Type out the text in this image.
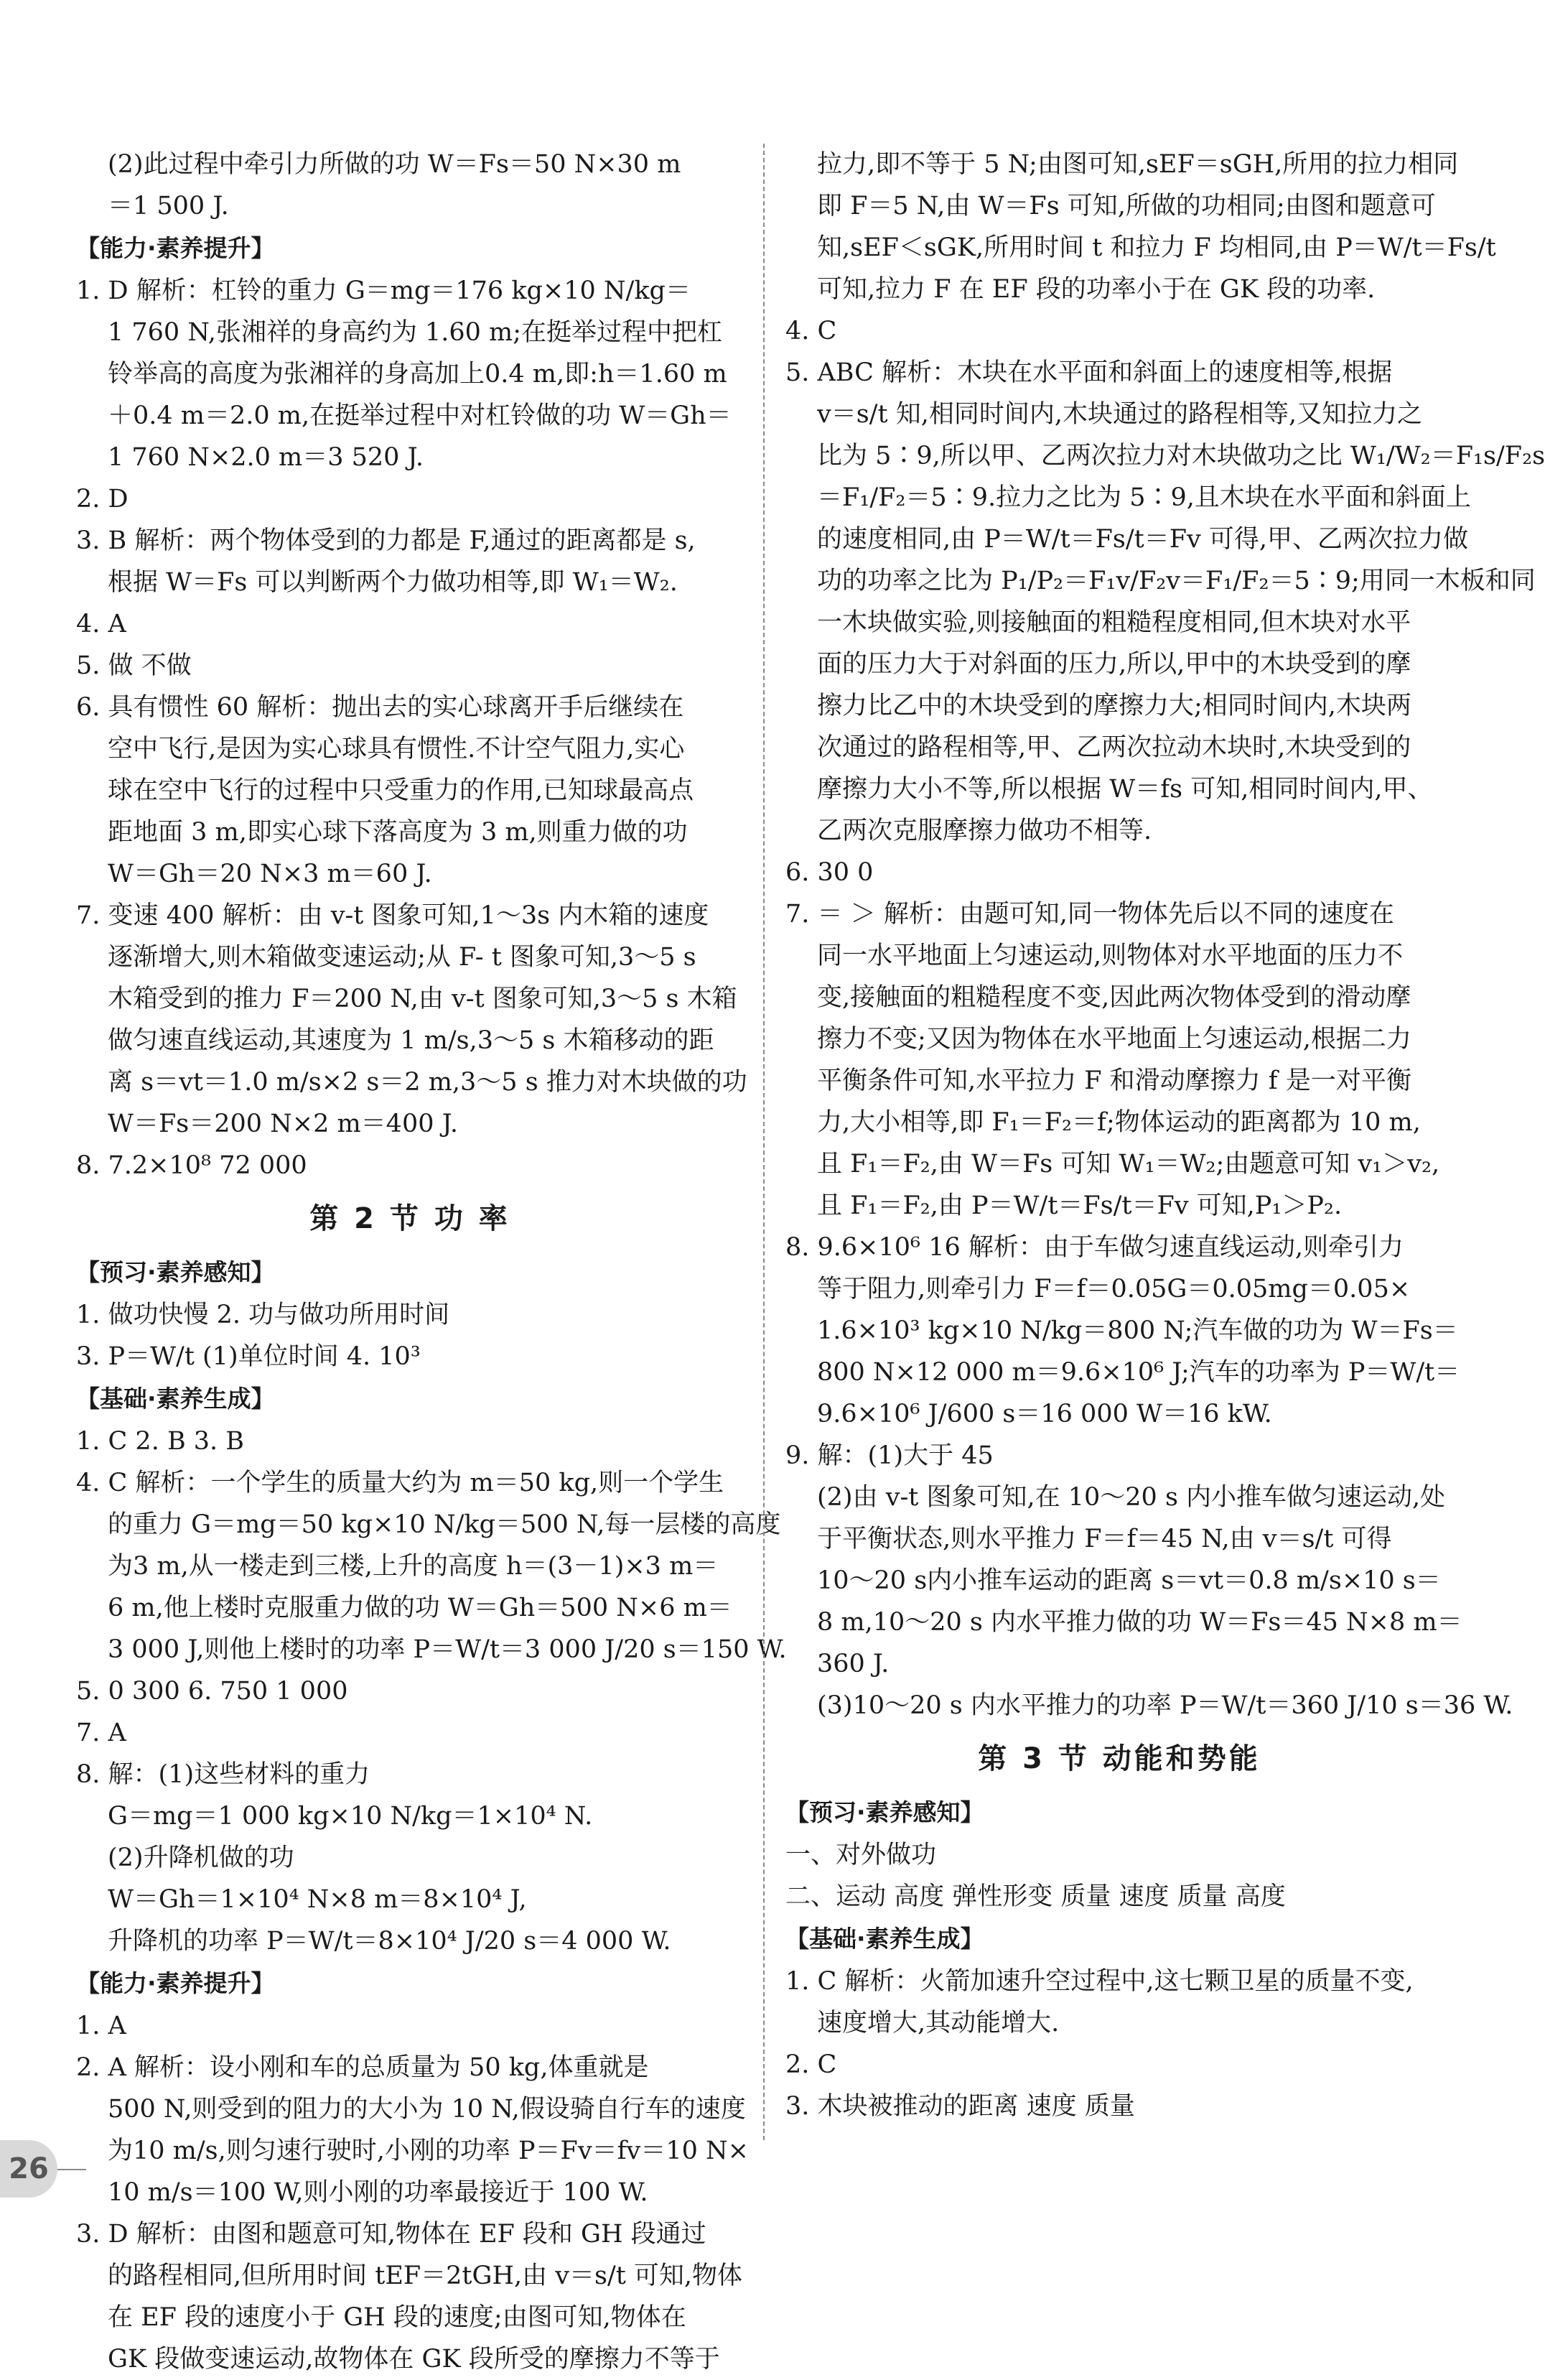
(2)此过程中牵引力所做的功 W＝Fs＝50 N×30 m
＝1 500 J.
【能力·素养提升】
1. D 解析：杠铃的重力 G＝mg＝176 kg×10 N/kg＝
1 760 N,张湘祥的身高约为 1.60 m;在挺举过程中把杠
铃举高的高度为张湘祥的身高加上0.4 m,即:h＝1.60 m
＋0.4 m＝2.0 m,在挺举过程中对杠铃做的功 W＝Gh＝
1 760 N×2.0 m＝3 520 J.
2. D
3. B 解析：两个物体受到的力都是 F,通过的距离都是 s,
根据 W＝Fs 可以判断两个力做功相等,即 W₁＝W₂.
4. A
5. 做 不做
6. 具有惯性 60 解析：抛出去的实心球离开手后继续在
空中飞行,是因为实心球具有惯性.不计空气阻力,实心
球在空中飞行的过程中只受重力的作用,已知球最高点
距地面 3 m,即实心球下落高度为 3 m,则重力做的功
W＝Gh＝20 N×3 m＝60 J.
7. 变速 400 解析：由 v-t 图象可知,1～3s 内木箱的速度
逐渐增大,则木箱做变速运动;从 F- t 图象可知,3～5 s
木箱受到的推力 F＝200 N,由 v-t 图象可知,3～5 s 木箱
做匀速直线运动,其速度为 1 m/s,3～5 s 木箱移动的距
离 s＝vt＝1.0 m/s×2 s＝2 m,3～5 s 推力对木块做的功
W＝Fs＝200 N×2 m＝400 J.
8. 7.2×10⁸ 72 000
第 2 节 功 率
【预习·素养感知】
1. 做功快慢 2. 功与做功所用时间
3. P＝W/t (1)单位时间 4. 10³
【基础·素养生成】
1. C 2. B 3. B
4. C 解析：一个学生的质量大约为 m＝50 kg,则一个学生
的重力 G＝mg＝50 kg×10 N/kg＝500 N,每一层楼的高度
为3 m,从一楼走到三楼,上升的高度 h＝(3－1)×3 m＝
6 m,他上楼时克服重力做的功 W＝Gh＝500 N×6 m＝
3 000 J,则他上楼时的功率 P＝W/t＝3 000 J/20 s＝150 W.
5. 0 300 6. 750 1 000
7. A
8. 解：(1)这些材料的重力
G＝mg＝1 000 kg×10 N/kg＝1×10⁴ N.
(2)升降机做的功
W＝Gh＝1×10⁴ N×8 m＝8×10⁴ J,
升降机的功率 P＝W/t＝8×10⁴ J/20 s＝4 000 W.
【能力·素养提升】
1. A
2. A 解析：设小刚和车的总质量为 50 kg,体重就是
500 N,则受到的阻力的大小为 10 N,假设骑自行车的速度
为10 m/s,则匀速行驶时,小刚的功率 P＝Fv＝fv＝10 N×
10 m/s＝100 W,则小刚的功率最接近于 100 W.
3. D 解析：由图和题意可知,物体在 EF 段和 GH 段通过
的路程相同,但所用时间 tEF＝2tGH,由 v＝s/t 可知,物体
在 EF 段的速度小于 GH 段的速度;由图可知,物体在
GK 段做变速运动,故物体在 GK 段所受的摩擦力不等于
拉力,即不等于 5 N;由图可知,sEF＝sGH,所用的拉力相同
即 F＝5 N,由 W＝Fs 可知,所做的功相同;由图和题意可
知,sEF＜sGK,所用时间 t 和拉力 F 均相同,由 P＝W/t＝Fs/t
可知,拉力 F 在 EF 段的功率小于在 GK 段的功率.
4. C
5. ABC 解析：木块在水平面和斜面上的速度相等,根据
v＝s/t 知,相同时间内,木块通过的路程相等,又知拉力之
比为 5∶9,所以甲、乙两次拉力对木块做功之比 W₁/W₂＝F₁s/F₂s
＝F₁/F₂＝5∶9.拉力之比为 5∶9,且木块在水平面和斜面上
的速度相同,由 P＝W/t＝Fs/t＝Fv 可得,甲、乙两次拉力做
功的功率之比为 P₁/P₂＝F₁v/F₂v＝F₁/F₂＝5∶9;用同一木板和同
一木块做实验,则接触面的粗糙程度相同,但木块对水平
面的压力大于对斜面的压力,所以,甲中的木块受到的摩
擦力比乙中的木块受到的摩擦力大;相同时间内,木块两
次通过的路程相等,甲、乙两次拉动木块时,木块受到的
摩擦力大小不等,所以根据 W＝fs 可知,相同时间内,甲、
乙两次克服摩擦力做功不相等.
6. 30 0
7. ＝ ＞ 解析：由题可知,同一物体先后以不同的速度在
同一水平地面上匀速运动,则物体对水平地面的压力不
变,接触面的粗糙程度不变,因此两次物体受到的滑动摩
擦力不变;又因为物体在水平地面上匀速运动,根据二力
平衡条件可知,水平拉力 F 和滑动摩擦力 f 是一对平衡
力,大小相等,即 F₁＝F₂＝f;物体运动的距离都为 10 m,
且 F₁＝F₂,由 W＝Fs 可知 W₁＝W₂;由题意可知 v₁＞v₂,
且 F₁＝F₂,由 P＝W/t＝Fs/t＝Fv 可知,P₁＞P₂.
8. 9.6×10⁶ 16 解析：由于车做匀速直线运动,则牵引力
等于阻力,则牵引力 F＝f＝0.05G＝0.05mg＝0.05×
1.6×10³ kg×10 N/kg＝800 N;汽车做的功为 W＝Fs＝
800 N×12 000 m＝9.6×10⁶ J;汽车的功率为 P＝W/t＝
9.6×10⁶ J/600 s＝16 000 W＝16 kW.
9. 解：(1)大于 45
(2)由 v-t 图象可知,在 10～20 s 内小推车做匀速运动,处
于平衡状态,则水平推力 F＝f＝45 N,由 v＝s/t 可得
10～20 s内小推车运动的距离 s＝vt＝0.8 m/s×10 s＝
8 m,10～20 s 内水平推力做的功 W＝Fs＝45 N×8 m＝
360 J.
(3)10～20 s 内水平推力的功率 P＝W/t＝360 J/10 s＝36 W.
第 3 节 动能和势能
【预习·素养感知】
一、对外做功
二、运动 高度 弹性形变 质量 速度 质量 高度
【基础·素养生成】
1. C 解析：火箭加速升空过程中,这七颗卫星的质量不变,
速度增大,其动能增大.
2. C
3. 木块被推动的距离 速度 质量
26
